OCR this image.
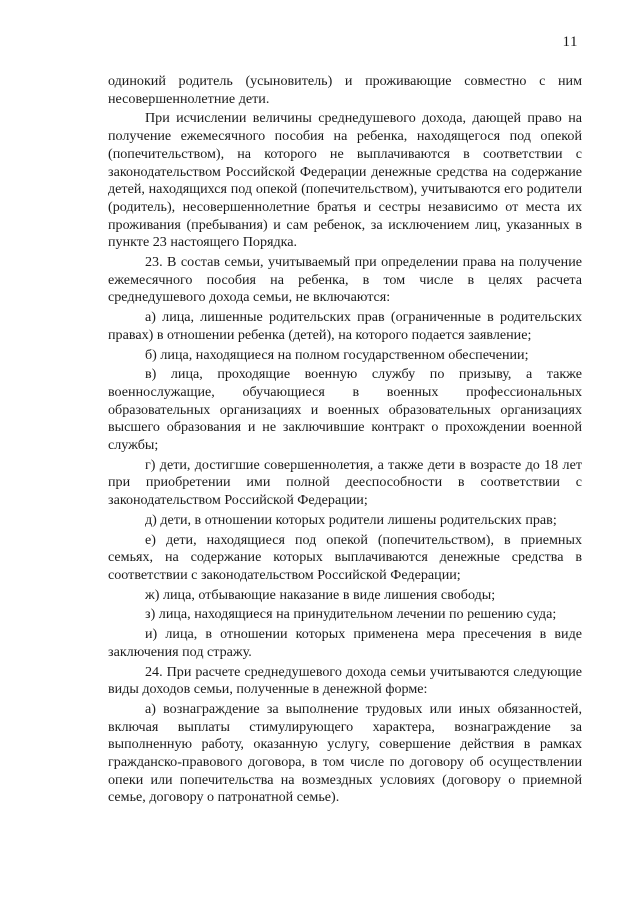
11

одинокий родитель (усыновитель) и проживающие совместно с ним несовершеннолетние дети.

При исчислении величины среднедушевого дохода, дающей право на получение ежемесячного пособия на ребенка, находящегося под опекой (попечительством), на которого не выплачиваются в соответствии с законодательством Российской Федерации денежные средства на содержание детей, находящихся под опекой (попечительством), учитываются его родители (родитель), несовершеннолетние братья и сестры независимо от места их проживания (пребывания) и сам ребенок, за исключением лиц, указанных в пункте 23 настоящего Порядка.

23. В состав семьи, учитываемый при определении права на получение ежемесячного пособия на ребенка, в том числе в целях расчета среднедушевого дохода семьи, не включаются:

а) лица, лишенные родительских прав (ограниченные в родительских правах) в отношении ребенка (детей), на которого подается заявление;

б) лица, находящиеся на полном государственном обеспечении;

в) лица, проходящие военную службу по призыву, а также военнослужащие, обучающиеся в военных профессиональных образовательных организациях и военных образовательных организациях высшего образования и не заключившие контракт о прохождении военной службы;

г) дети, достигшие совершеннолетия, а также дети в возрасте до 18 лет при приобретении ими полной дееспособности в соответствии с законодательством Российской Федерации;

д) дети, в отношении которых родители лишены родительских прав;

е) дети, находящиеся под опекой (попечительством), в приемных семьях, на содержание которых выплачиваются денежные средства в соответствии с законодательством Российской Федерации;

ж) лица, отбывающие наказание в виде лишения свободы;

з) лица, находящиеся на принудительном лечении по решению суда;

и) лица, в отношении которых применена мера пресечения в виде заключения под стражу.

24. При расчете среднедушевого дохода семьи учитываются следующие виды доходов семьи, полученные в денежной форме:

а) вознаграждение за выполнение трудовых или иных обязанностей, включая выплаты стимулирующего характера, вознаграждение за выполненную работу, оказанную услугу, совершение действия в рамках гражданско-правового договора, в том числе по договору об осуществлении опеки или попечительства на возмездных условиях (договору о приемной семье, договору о патронатной семье).
